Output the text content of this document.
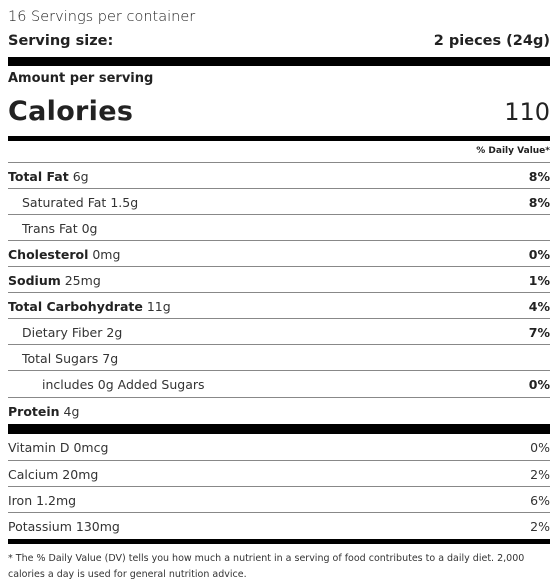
16 Servings per container
Serving size:	2 pieces (24g)
Amount per serving
Calories	110
% Daily Value*
Total Fat 6g	8%
Saturated Fat 1.5g	8%
Trans Fat 0g
Cholesterol 0mg	0%
Sodium 25mg	1%
Total Carbohydrate 11g	4%
Dietary Fiber 2g	7%
Total Sugars 7g
includes 0g Added Sugars	0%
Protein 4g
Vitamin D 0mcg	0%
Calcium 20mg	2%
Iron 1.2mg	6%
Potassium 130mg	2%
* The % Daily Value (DV) tells you how much a nutrient in a serving of food contributes to a daily diet. 2,000 calories a day is used for general nutrition advice.
